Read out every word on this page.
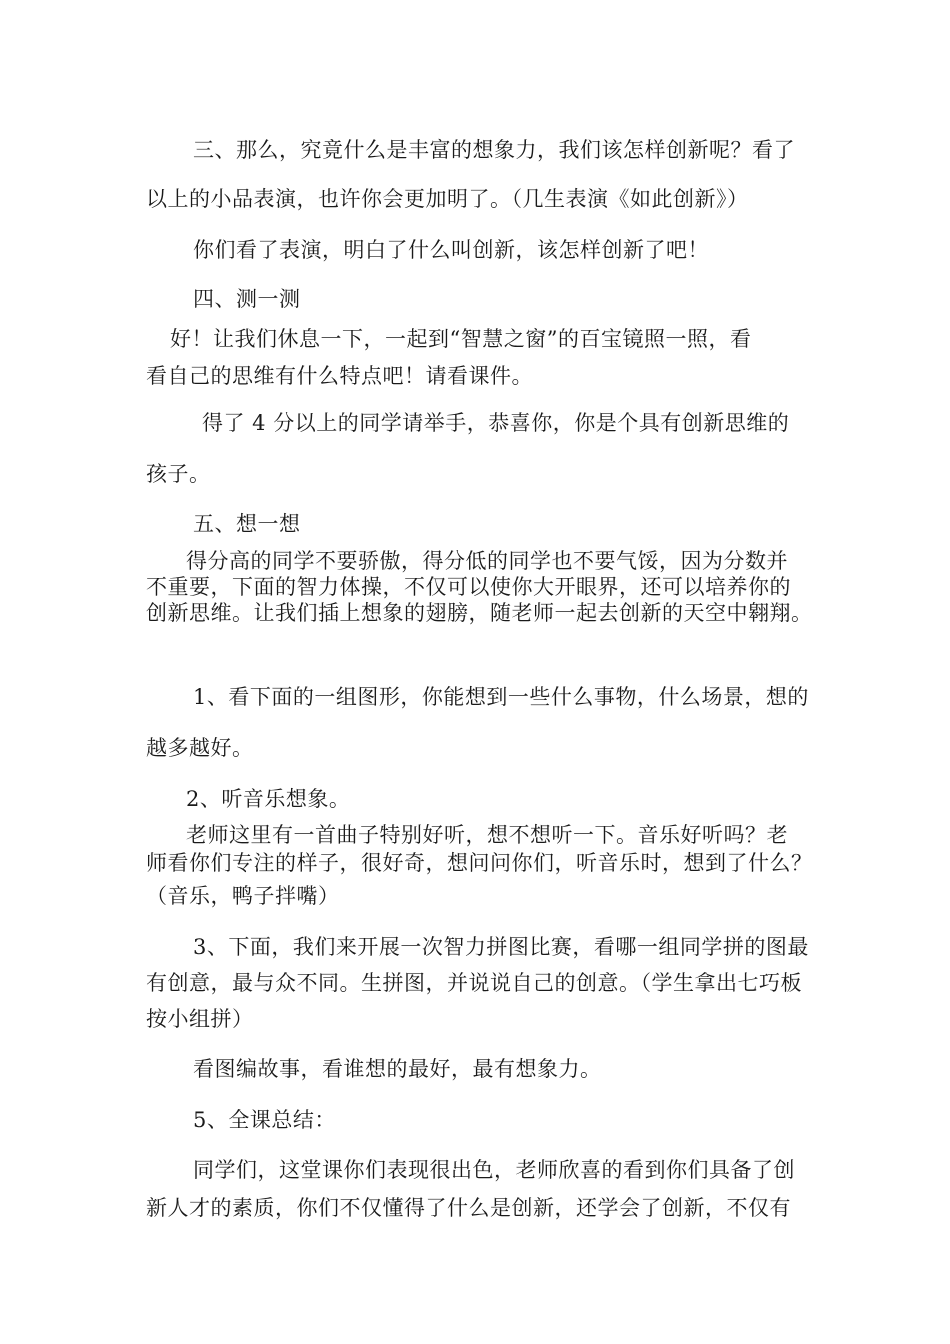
三、那么，究竟什么是丰富的想象力，我们该怎样创新呢？看了
以上的小品表演，也许你会更加明了。（几生表演《如此创新》）
你们看了表演，明白了什么叫创新，该怎样创新了吧！
四、测一测
好！让我们休息一下，一起到“智慧之窗”的百宝镜照一照，看
看自己的思维有什么特点吧！请看课件。
得了 4 分以上的同学请举手，恭喜你，你是个具有创新思维的
孩子。
五、想一想
得分高的同学不要骄傲，得分低的同学也不要气馁，因为分数并
不重要，下面的智力体操，不仅可以使你大开眼界，还可以培养你的
创新思维。让我们插上想象的翅膀，随老师一起去创新的天空中翱翔。
1、看下面的一组图形，你能想到一些什么事物，什么场景，想的
越多越好。
2、听音乐想象。
老师这里有一首曲子特别好听，想不想听一下。音乐好听吗？老
师看你们专注的样子，很好奇，想问问你们，听音乐时，想到了什么？
（音乐，鸭子拌嘴）
3、下面，我们来开展一次智力拼图比赛，看哪一组同学拼的图最
有创意，最与众不同。生拼图，并说说自己的创意。（学生拿出七巧板
按小组拼）
看图编故事，看谁想的最好，最有想象力。
5、全课总结：
同学们，这堂课你们表现很出色，老师欣喜的看到你们具备了创
新人才的素质，你们不仅懂得了什么是创新，还学会了创新，不仅有
